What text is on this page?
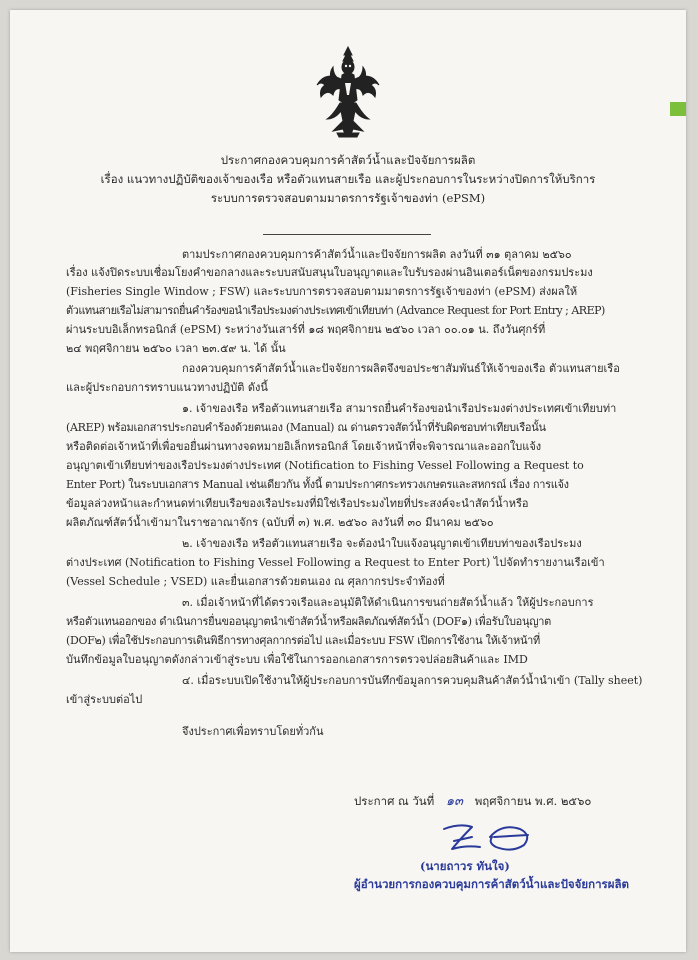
ประกาศกองควบคุมการค้าสัตว์น้ำและปัจจัยการผลิต
เรื่อง แนวทางปฏิบัติของเจ้าของเรือ หรือตัวแทนสายเรือ และผู้ประกอบการในระหว่างปิดการให้บริการ
ระบบการตรวจสอบตามมาตรการรัฐเจ้าของท่า (ePSM)
ตามประกาศกองควบคุมการค้าสัตว์น้ำและปัจจัยการผลิต ลงวันที่ ๓๑ ตุลาคม ๒๕๖๐
เรื่อง แจ้งปิดระบบเชื่อมโยงคำขอกลางและระบบสนับสนุนใบอนุญาตและใบรับรองผ่านอินเตอร์เน็ตของกรมประมง
(Fisheries Single Window ; FSW) และระบบการตรวจสอบตามมาตรการรัฐเจ้าของท่า (ePSM) ส่งผลให้
ตัวแทนสายเรือไม่สามารถยื่นคำร้องขอนำเรือประมงต่างประเทศเข้าเทียบท่า (Advance Request for Port Entry ; AREP)
ผ่านระบบอิเล็กทรอนิกส์ (ePSM) ระหว่างวันเสาร์ที่ ๑๘ พฤศจิกายน ๒๕๖๐ เวลา ๐๐.๐๑ น. ถึงวันศุกร์ที่
๒๔ พฤศจิกายน ๒๕๖๐ เวลา ๒๓.๕๙ น. ได้ นั้น
กองควบคุมการค้าสัตว์น้ำและปัจจัยการผลิตจึงขอประชาสัมพันธ์ให้เจ้าของเรือ ตัวแทนสายเรือ
และผู้ประกอบการทราบแนวทางปฏิบัติ ดังนี้
๑. เจ้าของเรือ หรือตัวแทนสายเรือ สามารถยื่นคำร้องขอนำเรือประมงต่างประเทศเข้าเทียบท่า
(AREP) พร้อมเอกสารประกอบคำร้องด้วยตนเอง (Manual) ณ ด่านตรวจสัตว์น้ำที่รับผิดชอบท่าเทียบเรือนั้น
หรือติดต่อเจ้าหน้าที่เพื่อขอยื่นผ่านทางจดหมายอิเล็กทรอนิกส์ โดยเจ้าหน้าที่จะพิจารณาและออกใบแจ้ง
อนุญาตเข้าเทียบท่าของเรือประมงต่างประเทศ (Notification to Fishing Vessel Following a Request to
Enter Port) ในระบบเอกสาร Manual เช่นเดียวกัน ทั้งนี้ ตามประกาศกระทรวงเกษตรและสหกรณ์ เรื่อง การแจ้ง
ข้อมูลล่วงหน้าและกำหนดท่าเทียบเรือของเรือประมงที่มิใช่เรือประมงไทยที่ประสงค์จะนำสัตว์น้ำหรือ
ผลิตภัณฑ์สัตว์น้ำเข้ามาในราชอาณาจักร (ฉบับที่ ๓) พ.ศ. ๒๕๖๐ ลงวันที่ ๓๐ มีนาคม ๒๕๖๐
๒. เจ้าของเรือ หรือตัวแทนสายเรือ จะต้องนำใบแจ้งอนุญาตเข้าเทียบท่าของเรือประมง
ต่างประเทศ (Notification to Fishing Vessel Following a Request to Enter Port) ไปจัดทำรายงานเรือเข้า
(Vessel Schedule ; VSED) และยื่นเอกสารด้วยตนเอง ณ ศุลกากรประจำท้องที่
๓. เมื่อเจ้าหน้าที่ได้ตรวจเรือและอนุมัติให้ดำเนินการขนถ่ายสัตว์น้ำแล้ว ให้ผู้ประกอบการ
หรือตัวแทนออกของ ดำเนินการยื่นขออนุญาตนำเข้าสัตว์น้ำหรือผลิตภัณฑ์สัตว์น้ำ (DOF๑) เพื่อรับใบอนุญาต
(DOF๒) เพื่อใช้ประกอบการเดินพิธีการทางศุลกากรต่อไป และเมื่อระบบ FSW เปิดการใช้งาน ให้เจ้าหน้าที่
บันทึกข้อมูลใบอนุญาตดังกล่าวเข้าสู่ระบบ เพื่อใช้ในการออกเอกสารการตรวจปล่อยสินค้าและ IMD
๔. เมื่อระบบเปิดใช้งานให้ผู้ประกอบการบันทึกข้อมูลการควบคุมสินค้าสัตว์น้ำนำเข้า (Tally sheet)
เข้าสู่ระบบต่อไป
จึงประกาศเพื่อทราบโดยทั่วกัน
ประกาศ ณ วันที่ ๑๓ พฤศจิกายน พ.ศ. ๒๕๖๐
(นายถาวร ทันใจ)
ผู้อำนวยการกองควบคุมการค้าสัตว์น้ำและปัจจัยการผลิต
